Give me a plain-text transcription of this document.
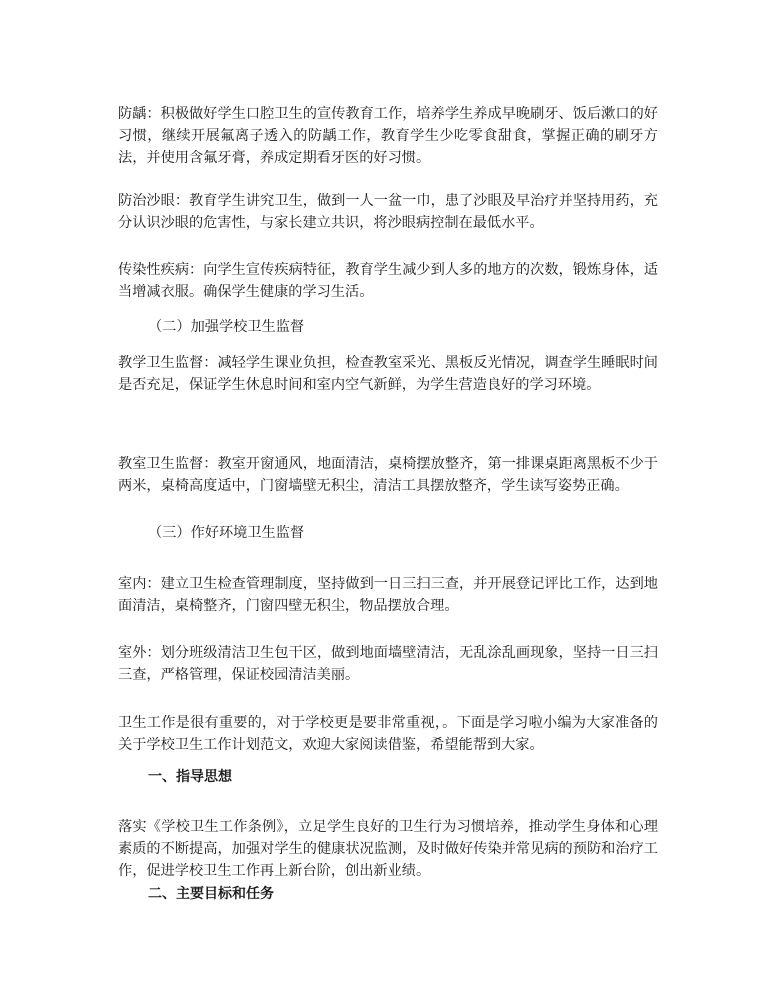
防龋：积极做好学生口腔卫生的宣传教育工作，培养学生养成早晚刷牙、饭后漱口的好习惯，继续开展氟离子透入的防龋工作，教育学生少吃零食甜食，掌握正确的刷牙方法，并使用含氟牙膏，养成定期看牙医的好习惯。

防治沙眼：教育学生讲究卫生，做到一人一盆一巾，患了沙眼及早治疗并坚持用药，充分认识沙眼的危害性，与家长建立共识，将沙眼病控制在最低水平。

传染性疾病：向学生宣传疾病特征，教育学生减少到人多的地方的次数，锻炼身体，适当增减衣服。确保学生健康的学习生活。

（二）加强学校卫生监督

教学卫生监督：减轻学生课业负担，检查教室采光、黑板反光情况，调查学生睡眠时间是否充足，保证学生休息时间和室内空气新鲜，为学生营造良好的学习环境。

教室卫生监督：教室开窗通风，地面清洁，桌椅摆放整齐，第一排课桌距离黑板不少于两米，桌椅高度适中，门窗墙壁无积尘，清洁工具摆放整齐，学生读写姿势正确。

（三）作好环境卫生监督

室内：建立卫生检查管理制度，坚持做到一日三扫三查，并开展登记评比工作，达到地面清洁，桌椅整齐，门窗四壁无积尘，物品摆放合理。

室外：划分班级清洁卫生包干区，做到地面墙壁清洁，无乱涂乱画现象，坚持一日三扫三查，严格管理，保证校园清洁美丽。

卫生工作是很有重要的，对于学校更是要非常重视，。下面是学习啦小编为大家准备的关于学校卫生工作计划范文，欢迎大家阅读借鉴，希望能帮到大家。

一、指导思想

落实《学校卫生工作条例》，立足学生良好的卫生行为习惯培养，推动学生身体和心理素质的不断提高，加强对学生的健康状况监测，及时做好传染并常见病的预防和治疗工作，促进学校卫生工作再上新台阶，创出新业绩。

二、主要目标和任务
